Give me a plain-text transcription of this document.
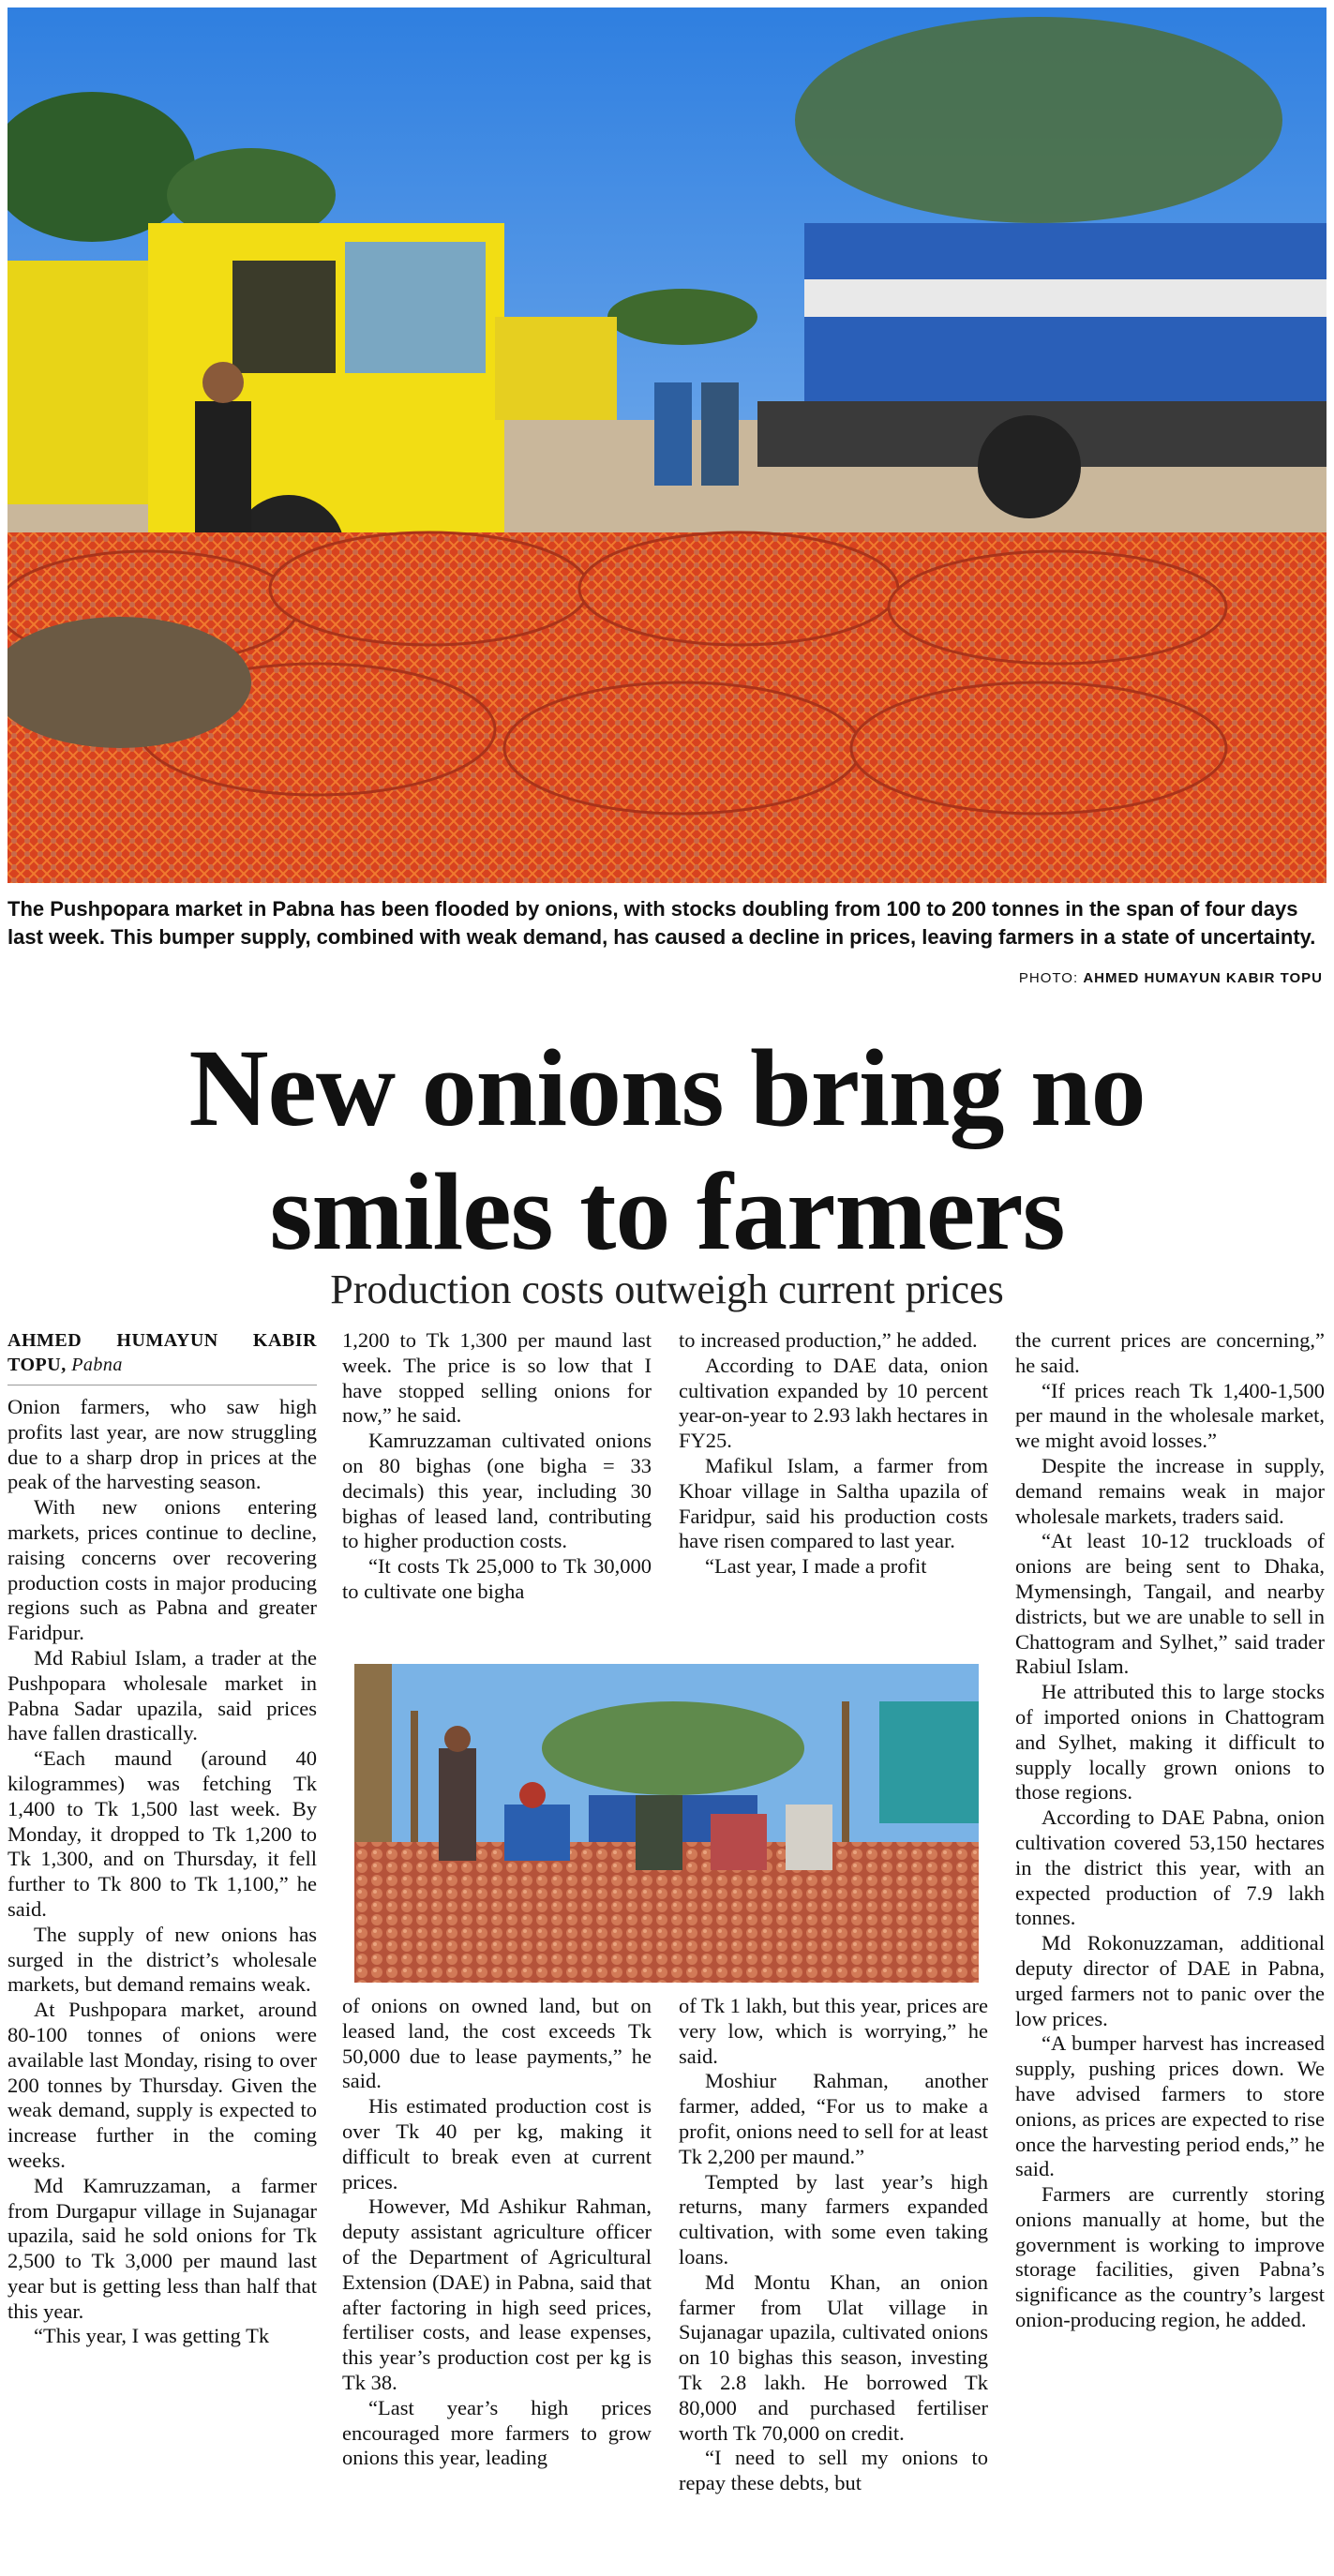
The Pushpopara market in Pabna has been flooded by onions, with stocks doubling from 100 to 200 tonnes in the span of four days last week. This bumper supply, combined with weak demand, has caused a decline in prices, leaving farmers in a state of uncertainty.
PHOTO: AHMED HUMAYUN KABIR TOPU
New onions bring no
smiles to farmers
Production costs outweigh current prices
AHMED HUMAYUN KABIR TOPU, Pabna

Onion farmers, who saw high profits last year, are now struggling due to a sharp drop in prices at the peak of the harvesting season.

With new onions entering markets, prices continue to decline, raising concerns over recovering production costs in major producing regions such as Pabna and greater Faridpur.

Md Rabiul Islam, a trader at the Pushpopara wholesale market in Pabna Sadar upazila, said prices have fallen drastically.

“Each maund (around 40 kilogrammes) was fetching Tk 1,400 to Tk 1,500 last week. By Monday, it dropped to Tk 1,200 to Tk 1,300, and on Thursday, it fell further to Tk 800 to Tk 1,100,” he said.

The supply of new onions has surged in the district’s wholesale markets, but demand remains weak.

At Pushpopara market, around 80-100 tonnes of onions were available last Monday, rising to over 200 tonnes by Thursday. Given the weak demand, supply is expected to increase further in the coming weeks.

Md Kamruzzaman, a farmer from Durgapur village in Sujanagar upazila, said he sold onions for Tk 2,500 to Tk 3,000 per maund last year but is getting less than half that this year.

“This year, I was getting Tk

1,200 to Tk 1,300 per maund last week. The price is so low that I have stopped selling onions for now,” he said.

Kamruzzaman cultivated onions on 80 bighas (one bigha = 33 decimals) this year, including 30 bighas of leased land, contributing to higher production costs.

“It costs Tk 25,000 to Tk 30,000 to cultivate one bigha

to increased production,” he added.

According to DAE data, onion cultivation expanded by 10 percent year-on-year to 2.93 lakh hectares in FY25.

Mafikul Islam, a farmer from Khoar village in Saltha upazila of Faridpur, said his production costs have risen compared to last year.

“Last year, I made a profit

of onions on owned land, but on leased land, the cost exceeds Tk 50,000 due to lease payments,” he said.

His estimated production cost is over Tk 40 per kg, making it difficult to break even at current prices.

However, Md Ashikur Rahman, deputy assistant agriculture officer of the Department of Agricultural Extension (DAE) in Pabna, said that after factoring in high seed prices, fertiliser costs, and lease expenses, this year’s production cost per kg is Tk 38.

“Last year’s high prices encouraged more farmers to grow onions this year, leading

of Tk 1 lakh, but this year, prices are very low, which is worrying,” he said.

Moshiur Rahman, another farmer, added, “For us to make a profit, onions need to sell for at least Tk 2,200 per maund.”

Tempted by last year’s high returns, many farmers expanded cultivation, with some even taking loans.

Md Montu Khan, an onion farmer from Ulat village in Sujanagar upazila, cultivated onions on 10 bighas this season, investing Tk 2.8 lakh. He borrowed Tk 80,000 and purchased fertiliser worth Tk 70,000 on credit.

“I need to sell my onions to repay these debts, but

the current prices are concerning,” he said.

“If prices reach Tk 1,400-1,500 per maund in the wholesale market, we might avoid losses.”

Despite the increase in supply, demand remains weak in major wholesale markets, traders said.

“At least 10-12 truckloads of onions are being sent to Dhaka, Mymensingh, Tangail, and nearby districts, but we are unable to sell in Chattogram and Sylhet,” said trader Rabiul Islam.

He attributed this to large stocks of imported onions in Chattogram and Sylhet, making it difficult to supply locally grown onions to those regions.

According to DAE Pabna, onion cultivation covered 53,150 hectares in the district this year, with an expected production of 7.9 lakh tonnes.

Md Rokonuzzaman, additional deputy director of DAE in Pabna, urged farmers not to panic over the low prices.

“A bumper harvest has increased supply, pushing prices down. We have advised farmers to store onions, as prices are expected to rise once the harvesting period ends,” he said.

Farmers are currently storing onions manually at home, but the government is working to improve storage facilities, given Pabna’s significance as the country’s largest onion-producing region, he added.
